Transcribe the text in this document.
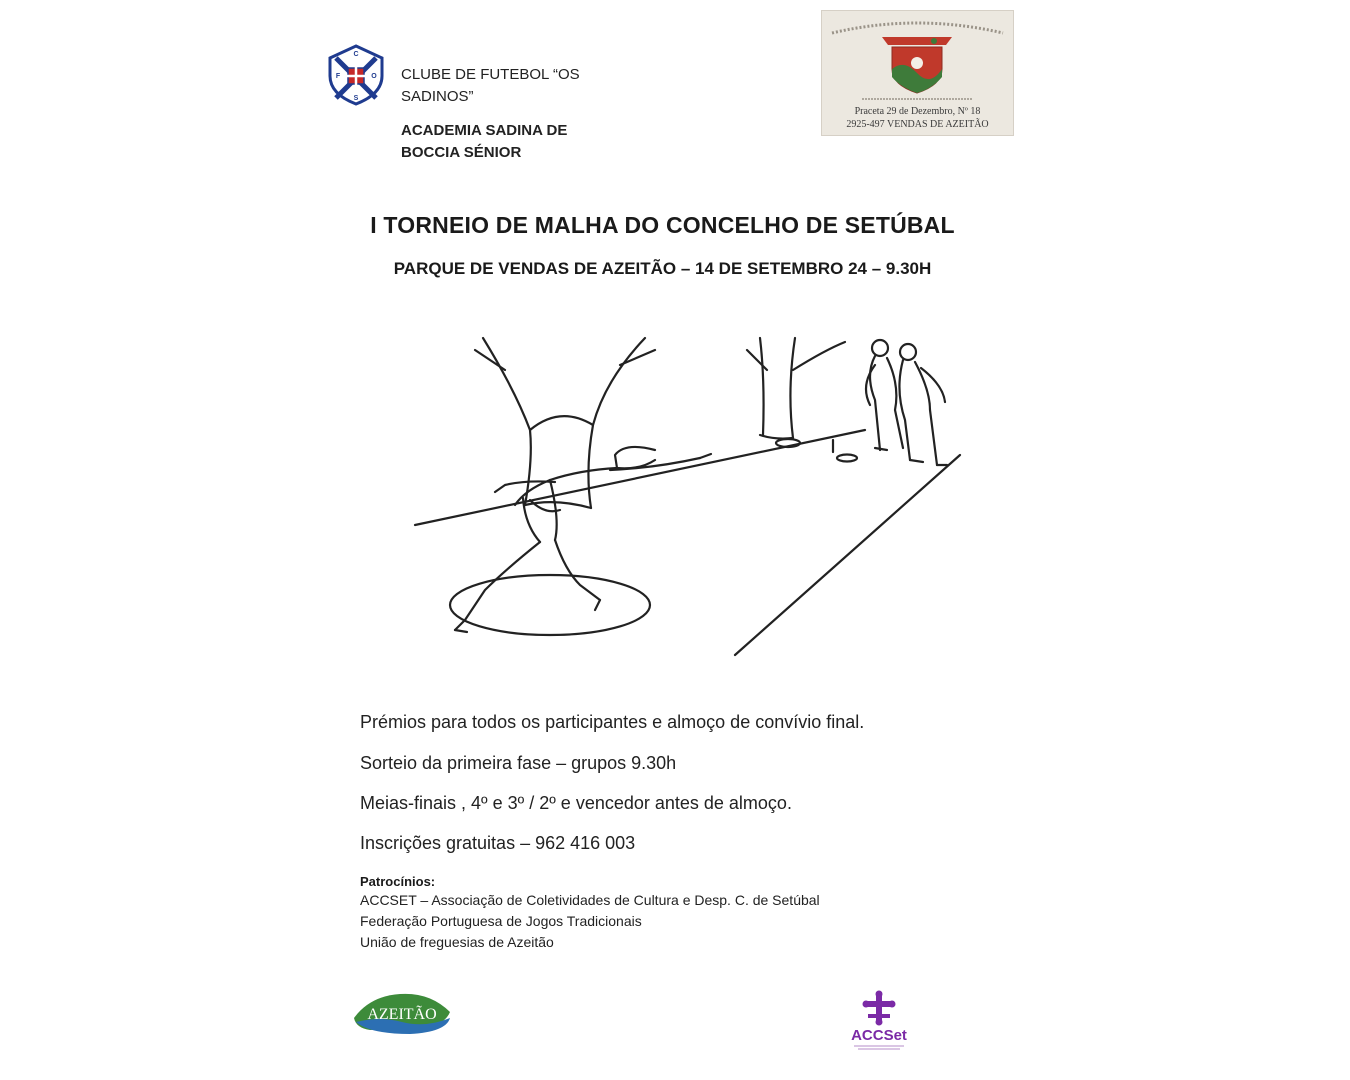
C
F	O
S
CLUBE DE FUTEBOL “OS SADINOS”
ACADEMIA SADINA DE BOCCIA SÉNIOR
Praceta 29 de Dezembro, Nº 18
2925-497 VENDAS DE AZEITÃO
I TORNEIO DE MALHA DO CONCELHO DE SETÚBAL
PARQUE DE VENDAS DE AZEITÃO – 14 DE SETEMBRO 24 – 9.30H
Prémios para todos os participantes e almoço de convívio final.
Sorteio da primeira fase – grupos 9.30h
Meias-finais , 4º e 3º / 2º e vencedor antes de almoço.
Inscrições gratuitas – 962 416 003
Patrocínios:
ACCSET – Associação de Coletividades de Cultura e Desp. C. de Setúbal
Federação Portuguesa de Jogos Tradicionais
União de freguesias de Azeitão
AZEITÃO
ACCSet
